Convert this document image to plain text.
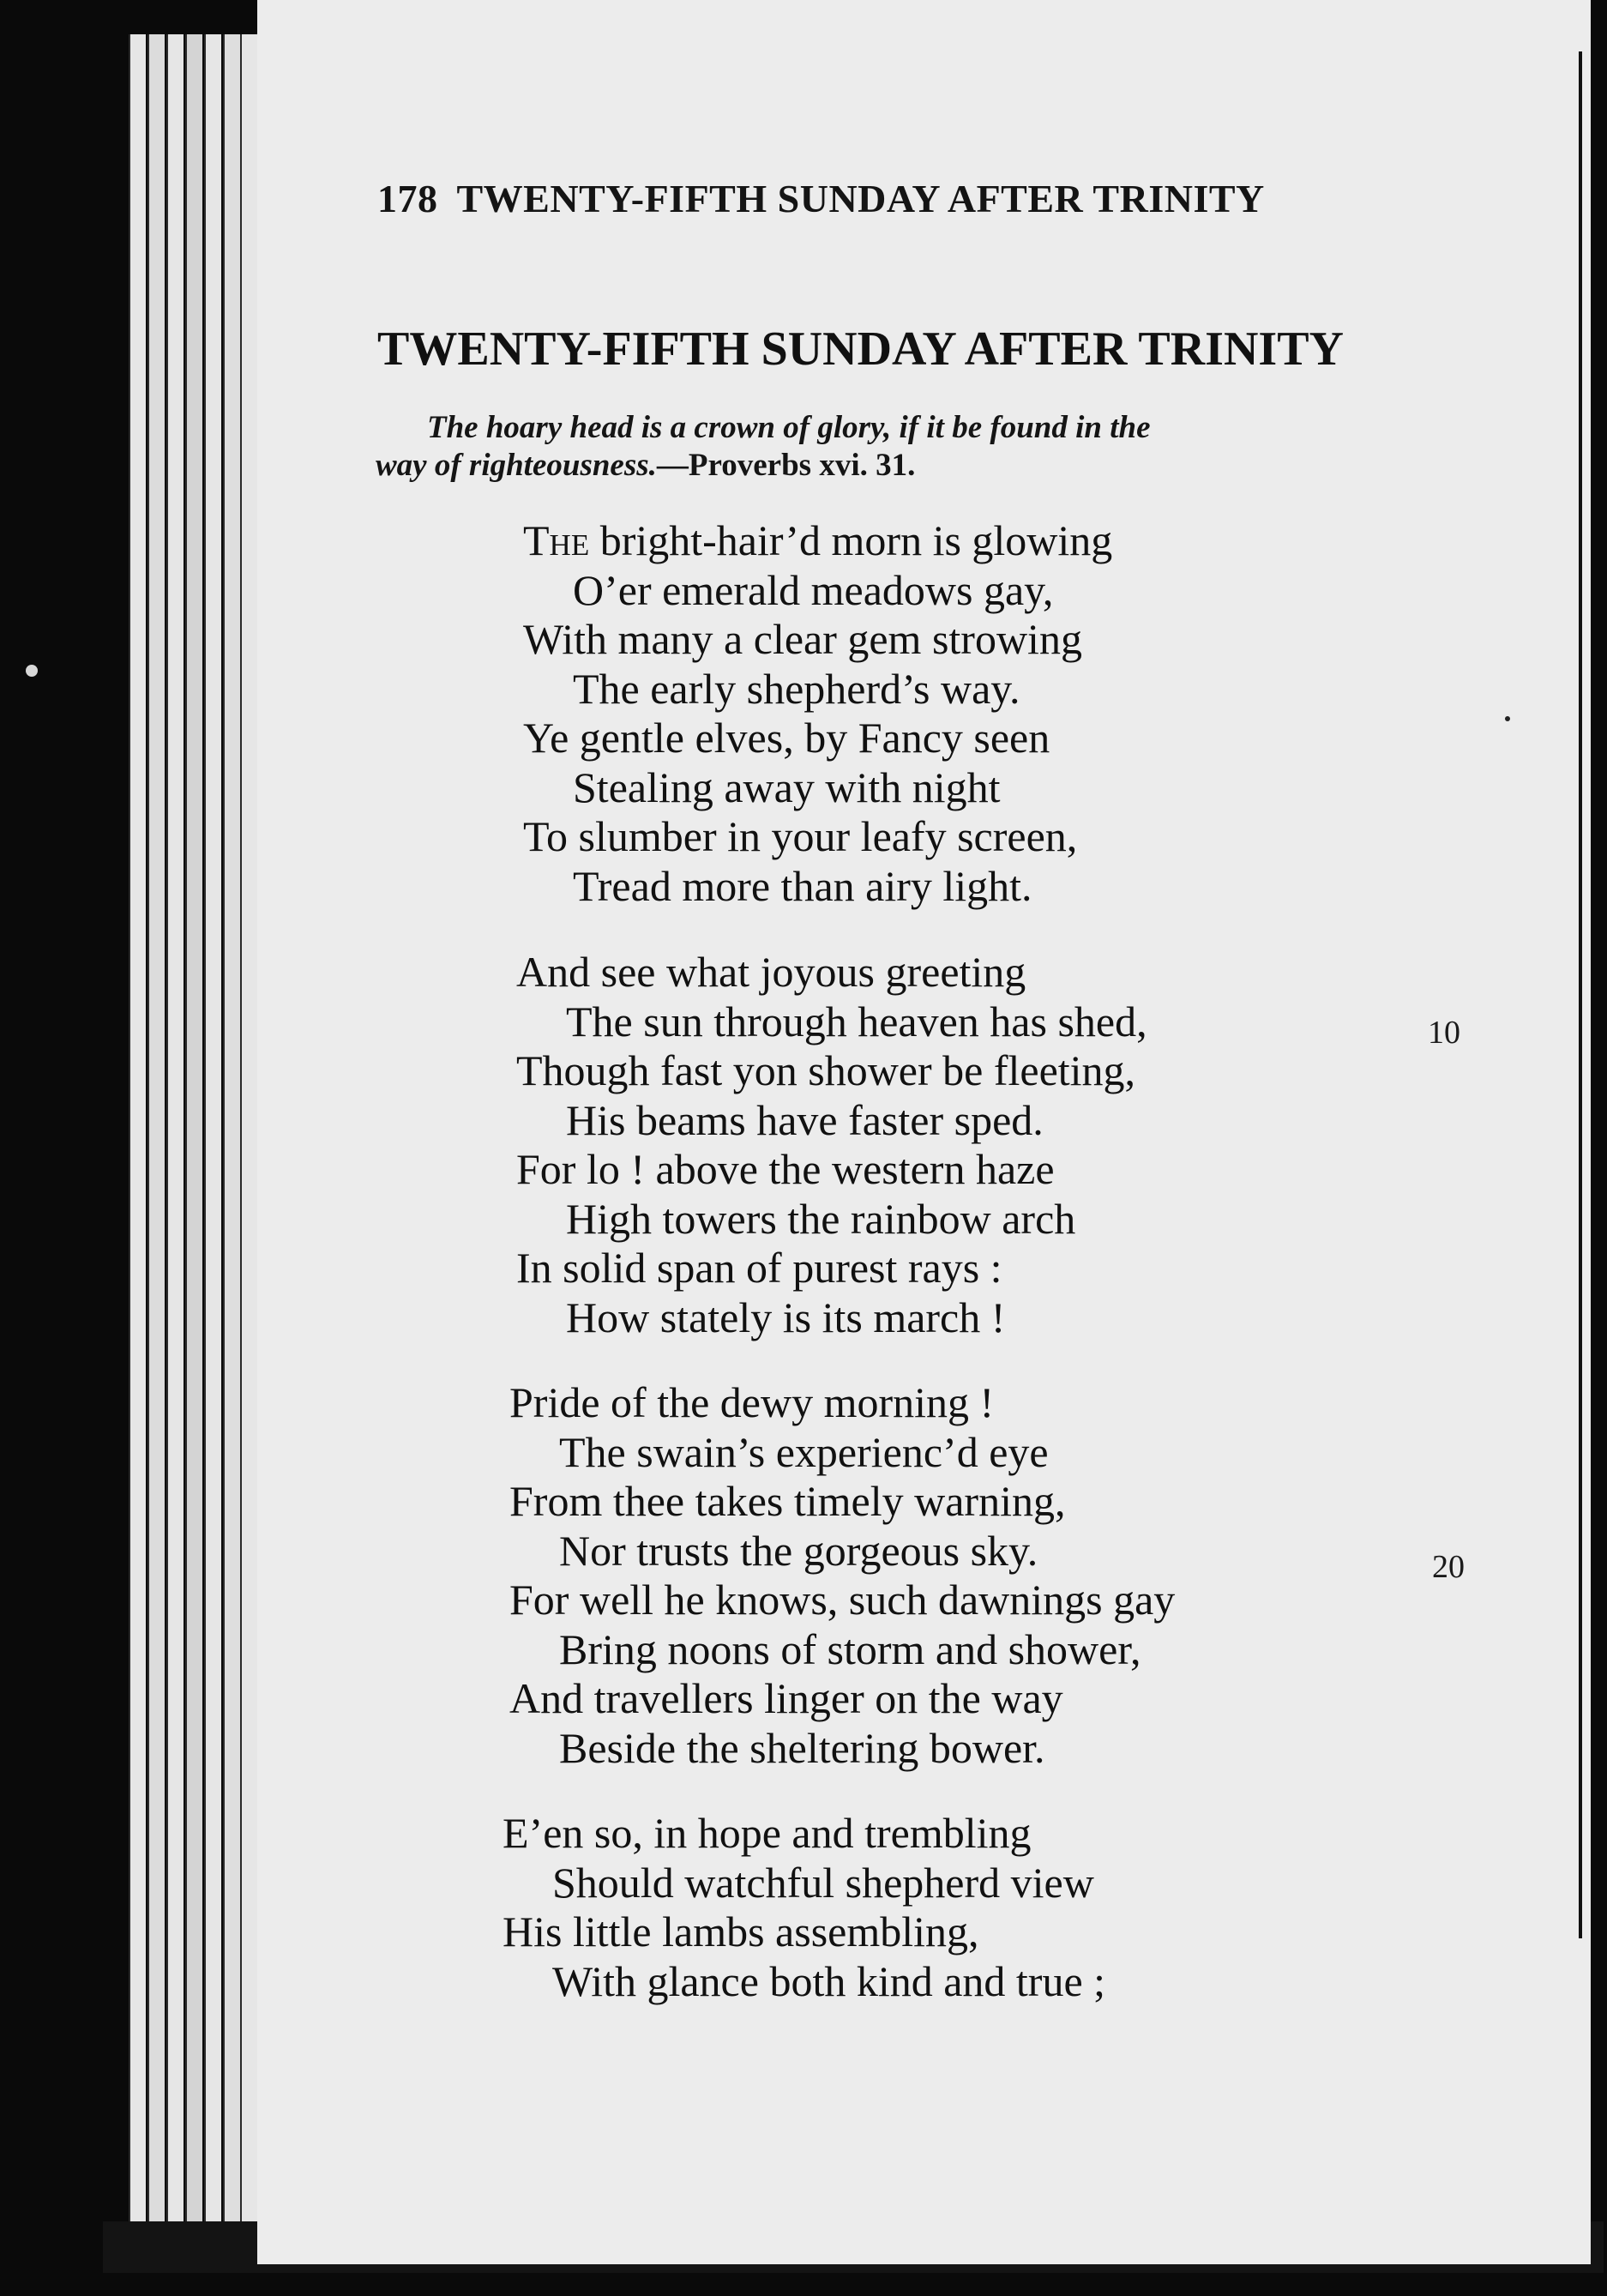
178 TWENTY-FIFTH SUNDAY AFTER TRINITY
TWENTY-FIFTH SUNDAY AFTER TRINITY
The hoary head is a crown of glory, if it be found in the
way of righteousness.—Proverbs xvi. 31.
The bright-hair’d morn is glowing
O’er emerald meadows gay,
With many a clear gem strowing
The early shepherd’s way.
Ye gentle elves, by Fancy seen
Stealing away with night
To slumber in your leafy screen,
Tread more than airy light.
And see what joyous greeting
The sun through heaven has shed,
Though fast yon shower be fleeting,
His beams have faster sped.
For lo ! above the western haze
High towers the rainbow arch
In solid span of purest rays :
How stately is its march !
Pride of the dewy morning !
The swain’s experienc’d eye
From thee takes timely warning,
Nor trusts the gorgeous sky.
For well he knows, such dawnings gay
Bring noons of storm and shower,
And travellers linger on the way
Beside the sheltering bower.
E’en so, in hope and trembling
Should watchful shepherd view
His little lambs assembling,
With glance both kind and true ;
10
20
